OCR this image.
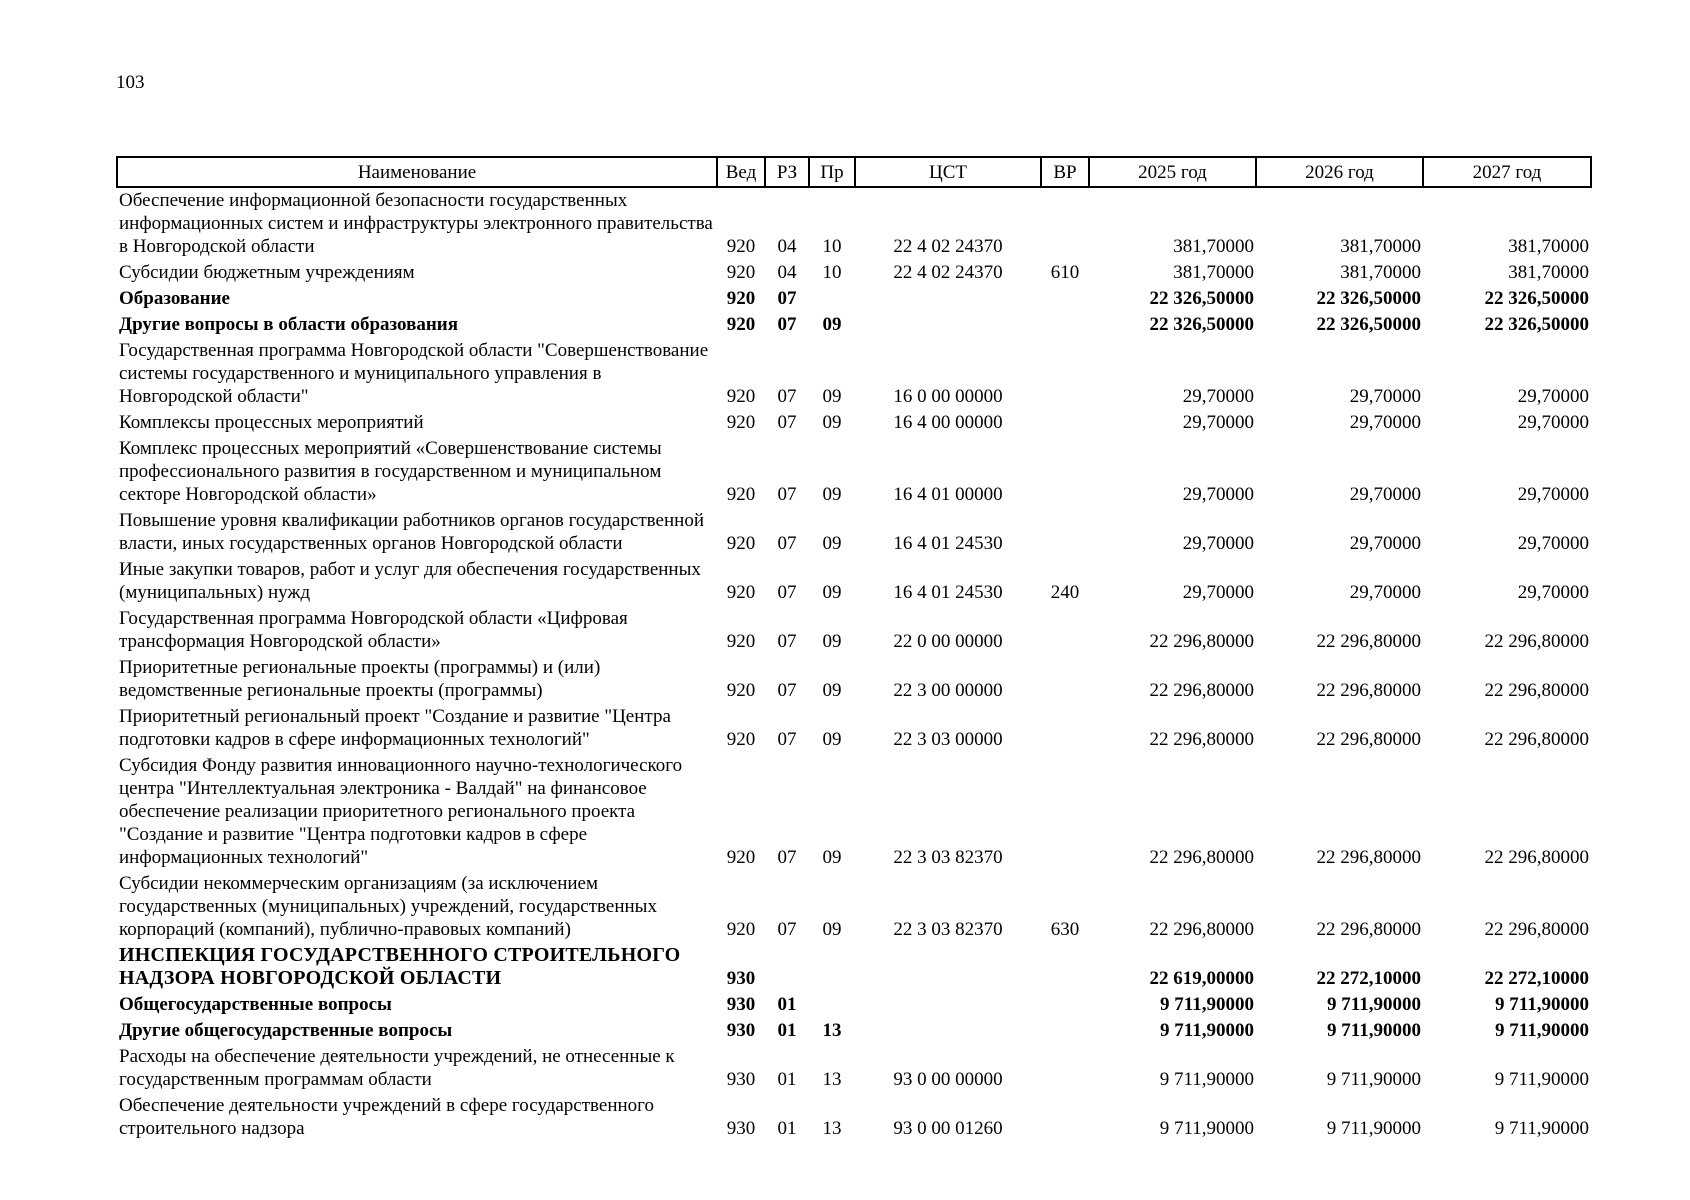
103
Наименование	Вед	РЗ	Пр	ЦСТ	ВР	2025 год	2026 год	2027 год
Обеспечение информационной безопасности государственных информационных систем и инфраструктуры электронного правительства в Новгородской области	920	04	10	22 4 02 24370		381,70000	381,70000	381,70000
Субсидии бюджетным учреждениям	920	04	10	22 4 02 24370	610	381,70000	381,70000	381,70000
Образование	920	07				22 326,50000	22 326,50000	22 326,50000
Другие вопросы в области образования	920	07	09			22 326,50000	22 326,50000	22 326,50000
Государственная программа Новгородской области "Совершенствование системы государственного и муниципального управления в Новгородской области"	920	07	09	16 0 00 00000		29,70000	29,70000	29,70000
Комплексы процессных мероприятий	920	07	09	16 4 00 00000		29,70000	29,70000	29,70000
Комплекс процессных мероприятий «Совершенствование системы профессионального развития в государственном и муниципальном секторе Новгородской области»	920	07	09	16 4 01 00000		29,70000	29,70000	29,70000
Повышение уровня квалификации работников органов государственной власти, иных государственных органов Новгородской области	920	07	09	16 4 01 24530		29,70000	29,70000	29,70000
Иные закупки товаров, работ и услуг для обеспечения государственных (муниципальных) нужд	920	07	09	16 4 01 24530	240	29,70000	29,70000	29,70000
Государственная программа Новгородской области «Цифровая трансформация Новгородской области»	920	07	09	22 0 00 00000		22 296,80000	22 296,80000	22 296,80000
Приоритетные региональные проекты (программы) и (или) ведомственные региональные проекты (программы)	920	07	09	22 3 00 00000		22 296,80000	22 296,80000	22 296,80000
Приоритетный региональный проект "Создание и развитие "Центра подготовки кадров в сфере информационных технологий"	920	07	09	22 3 03 00000		22 296,80000	22 296,80000	22 296,80000
Субсидия Фонду развития инновационного научно-технологического центра "Интеллектуальная электроника - Валдай" на финансовое обеспечение реализации приоритетного регионального проекта "Создание и развитие "Центра подготовки кадров в сфере информационных технологий"	920	07	09	22 3 03 82370		22 296,80000	22 296,80000	22 296,80000
Субсидии некоммерческим организациям (за исключением государственных (муниципальных) учреждений, государственных корпораций (компаний), публично-правовых компаний)	920	07	09	22 3 03 82370	630	22 296,80000	22 296,80000	22 296,80000
ИНСПЕКЦИЯ ГОСУДАРСТВЕННОГО СТРОИТЕЛЬНОГО НАДЗОРА НОВГОРОДСКОЙ ОБЛАСТИ	930					22 619,00000	22 272,10000	22 272,10000
Общегосударственные вопросы	930	01				9 711,90000	9 711,90000	9 711,90000
Другие общегосударственные вопросы	930	01	13			9 711,90000	9 711,90000	9 711,90000
Расходы на обеспечение деятельности учреждений, не отнесенные к государственным программам области	930	01	13	93 0 00 00000		9 711,90000	9 711,90000	9 711,90000
Обеспечение деятельности учреждений в сфере государственного строительного надзора	930	01	13	93 0 00 01260		9 711,90000	9 711,90000	9 711,90000
